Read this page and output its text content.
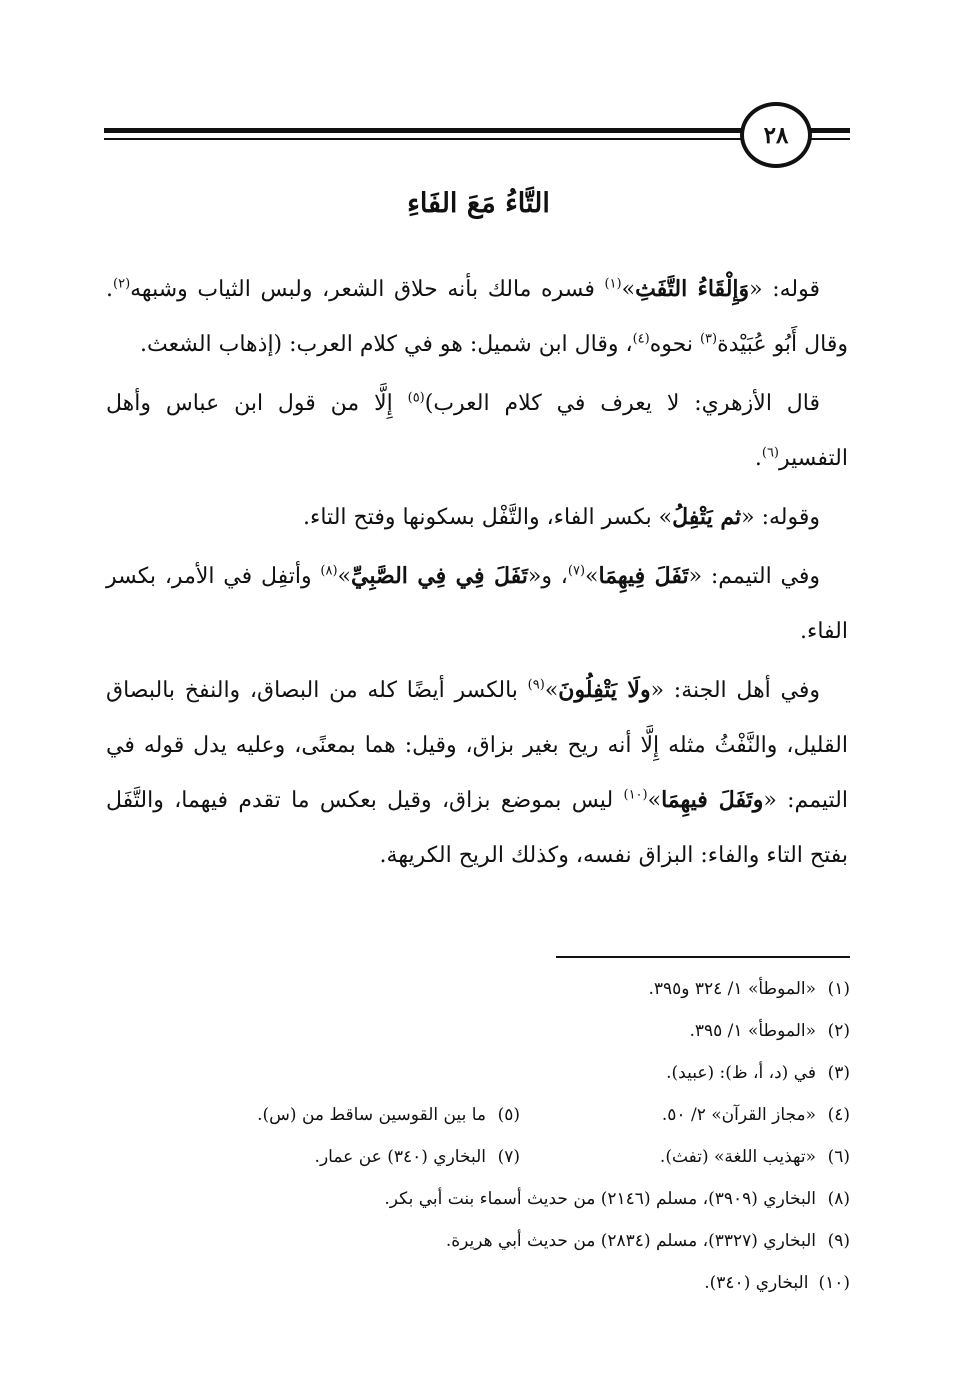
٢٨
التَّاءُ مَعَ الفَاءِ

قوله: «وَإِلْقَاءُ التَّفَثِ»$^{(١)}$ فسره مالك بأنه حلاق الشعر، ولبس الثياب وشبهه$^{(٢)}$. وقال أَبُو عُبَيْدة$^{(٣)}$ نحوه$^{(٤)}$، وقال ابن شميل: هو في كلام العرب: (إذهاب الشعث.

قال الأزهري: لا يعرف في كلام العرب)$^{(٥)}$ إِلَّا من قول ابن عباس وأهل التفسير$^{(٦)}$.

وقوله: «ثم يَتْفِلُ» بكسر الفاء، والتَّفْل بسكونها وفتح التاء.

وفي التيمم: «تَفَلَ فِيهِمَا»$^{(٧)}$، و«تَفَلَ فِي فِي الصَّبِيِّ»$^{(٨)}$ وأتفِل في الأمر، بكسر الفاء.

وفي أهل الجنة: «ولَا يَتْفِلُونَ»$^{(٩)}$ بالكسر أيضًا كله من البصاق، والنفخ بالبصاق القليل، والنَّفْثُ مثله إِلَّا أنه ريح بغير بزاق، وقيل: هما بمعنًى، وعليه يدل قوله في التيمم: «وتَفَلَ فيهِمَا»$^{(١٠)}$ ليس بموضع بزاق، وقيل بعكس ما تقدم فيهما، والتَّفَل بفتح التاء والفاء: البزاق نفسه، وكذلك الريح الكريهة.

(١)
«الموطأ» ١/ ٣٢٤ و٣٩٥.
(٢)
«الموطأ» ١/ ٣٩٥.
(٣)
في (د، أ، ظ): (عبيد).
(٤)
«مجاز القرآن» ٢/ ٥٠.
(٥)
ما بين القوسين ساقط من (س).
(٦)
«تهذيب اللغة» (تفث).
(٧)
البخاري (٣٤٠) عن عمار.
(٨)
البخاري (٣٩٠٩)، مسلم (٢١٤٦) من حديث أسماء بنت أبي بكر.
(٩)
البخاري (٣٣٢٧)، مسلم (٢٨٣٤) من حديث أبي هريرة.
(١٠)
البخاري (٣٤٠).
